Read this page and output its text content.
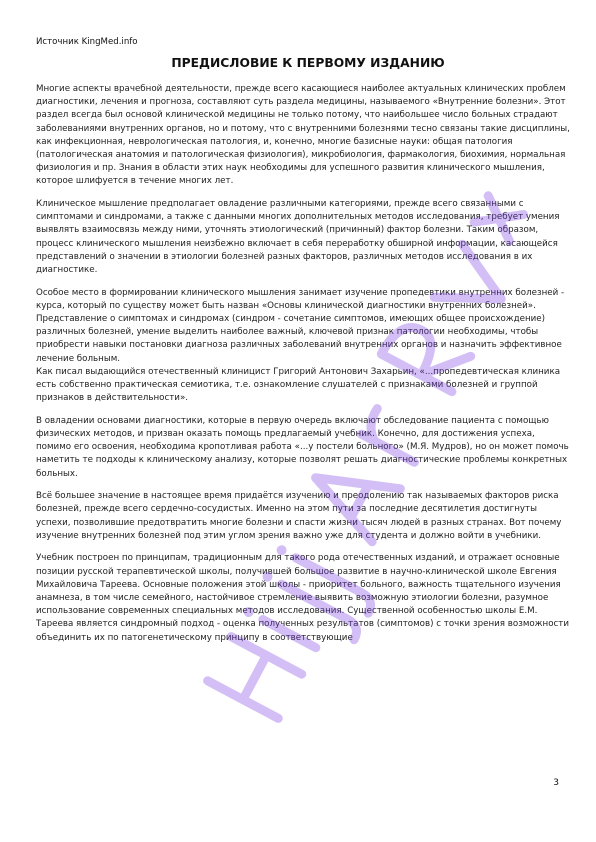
Источник KingMed.info
ПРЕДИСЛОВИЕ К ПЕРВОМУ ИЗДАНИЮ

Многие аспекты врачебной деятельности, прежде всего касающиеся наиболее актуальных клинических проблем диагностики, лечения и прогноза, составляют суть раздела медицины, называемого «Внутренние болезни». Этот раздел всегда был основой клинической медицины не только потому, что наибольшее число больных страдают заболеваниями внутренних органов, но и потому, что с внутренними болезнями тесно связаны такие дисциплины, как инфекционная, неврологическая патология, и, конечно, многие базисные науки: общая патология (патологическая анатомия и патологическая физиология), микробиология, фармакология, биохимия, нормальная физиология и пр. Знания в области этих наук необходимы для успешного развития клинического мышления, которое шлифуется в течение многих лет.

Клиническое мышление предполагает овладение различными категориями, прежде всего связанными с симптомами и синдромами, а также с данными многих дополнительных методов исследования, требует умения выявлять взаимосвязь между ними, уточнять этиологический (причинный) фактор болезни. Таким образом, процесс клинического мышления неизбежно включает в себя переработку обширной информации, касающейся представлений о значении в этиологии болезней разных факторов, различных методов исследования в их диагностике.

Особое место в формировании клинического мышления занимает изучение пропедевтики внутренних болезней - курса, который по существу может быть назван «Основы клинической диагностики внутренних болезней». Представление о симптомах и синдромах (синдром - сочетание симптомов, имеющих общее происхождение) различных болезней, умение выделить наиболее важный, ключевой признак патологии необходимы, чтобы приобрести навыки постановки диагноза различных заболеваний внутренних органов и назначить эффективное лечение больным.

Как писал выдающийся отечественный клиницист Григорий Антонович Захарьин, «...пропедевтическая клиника есть собственно практическая семиотика, т.е. ознакомление слушателей с признаками болезней и группой признаков в действительности».

В овладении основами диагностики, которые в первую очередь включают обследование пациента с помощью физических методов, и призван оказать помощь предлагаемый учебник. Конечно, для достижения успеха, помимо его освоения, необходима кропотливая работа «...у постели больного» (М.Я. Мудров), но он может помочь наметить те подходы к клиническому анализу, которые позволят решать диагностические проблемы конкретных больных.

Всё большее значение в настоящее время придаётся изучению и преодолению так называемых факторов риска болезней, прежде всего сердечно-сосудистых. Именно на этом пути за последние десятилетия достигнуты успехи, позволившие предотвратить многие болезни и спасти жизни тысяч людей в разных странах. Вот почему изучение внутренних болезней под этим углом зрения важно уже для студента и должно войти в учебники.

Учебник построен по принципам, традиционным для такого рода отечественных изданий, и отражает основные позиции русской терапевтической школы, получившей большое развитие в научно-клинической школе Евгения Михайловича Тареева. Основные положения этой школы - приоритет больного, важность тщательного изучения анамнеза, в том числе семейного, настойчивое стремление выявить возможную этиологии болезни, разумное использование современных специальных методов исследования. Существенной особенностью школы Е.М. Тареева является синдромный подход - оценка полученных результатов (симптомов) с точки зрения возможности объединить их по патогенетическому принципу в соответствующие

3
